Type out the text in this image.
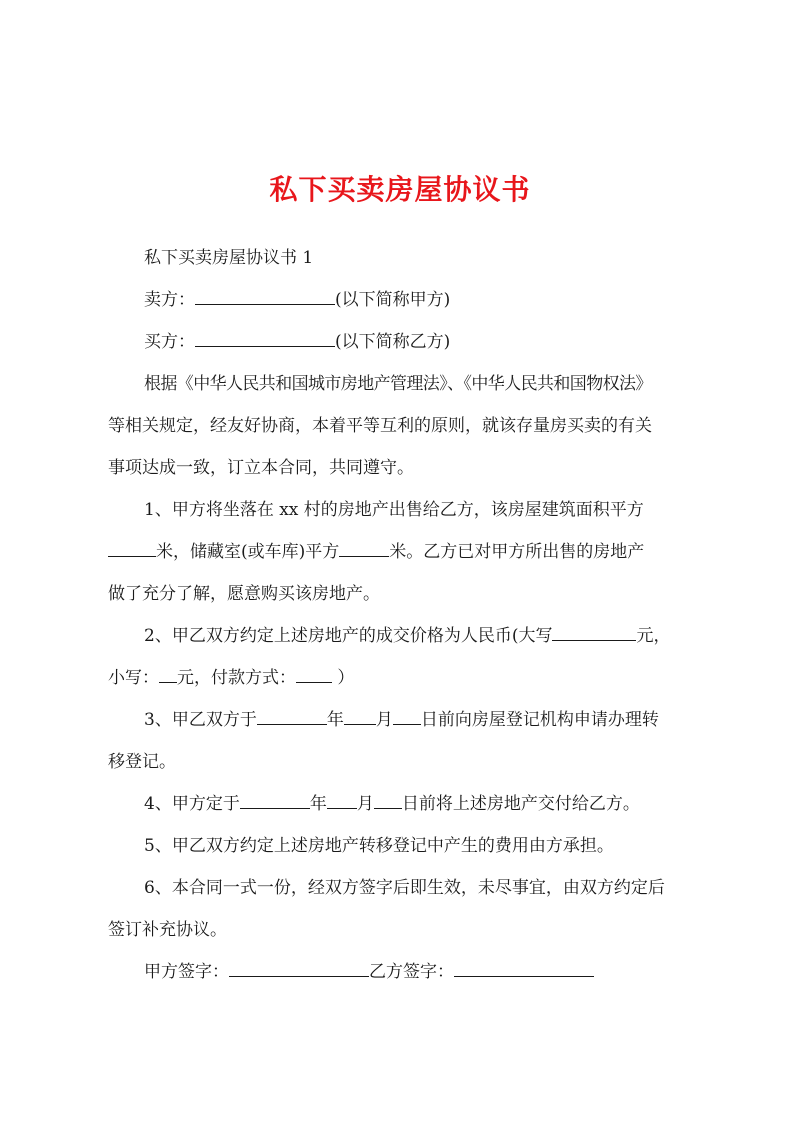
私下买卖房屋协议书

私下买卖房屋协议书 1

卖方：	(以下简称甲方)

买方：	(以下简称乙方)

根据《中华人民共和国城市房地产管理法》、《中华人民共和国物权法》

等相关规定，经友好协商，本着平等互利的原则，就该存量房买卖的有关

事项达成一致，订立本合同，共同遵守。

1、甲方将坐落在 xx 村的房地产出售给乙方，该房屋建筑面积平方

米，储藏室(或车库)平方	米。乙方已对甲方所出售的房地产

做了充分了解，愿意购买该房地产。

2、甲乙双方约定上述房地产的成交价格为人民币(大写	元，

小写： 元，付款方式： ）

3、甲乙双方于	年 月 日前向房屋登记机构申请办理转

移登记。

4、甲方定于	年 月 日前将上述房地产交付给乙方。

5、甲乙双方约定上述房地产转移登记中产生的费用由方承担。

6、本合同一式一份，经双方签字后即生效，未尽事宜，由双方约定后

签订补充协议。

甲方签字：	乙方签字：
